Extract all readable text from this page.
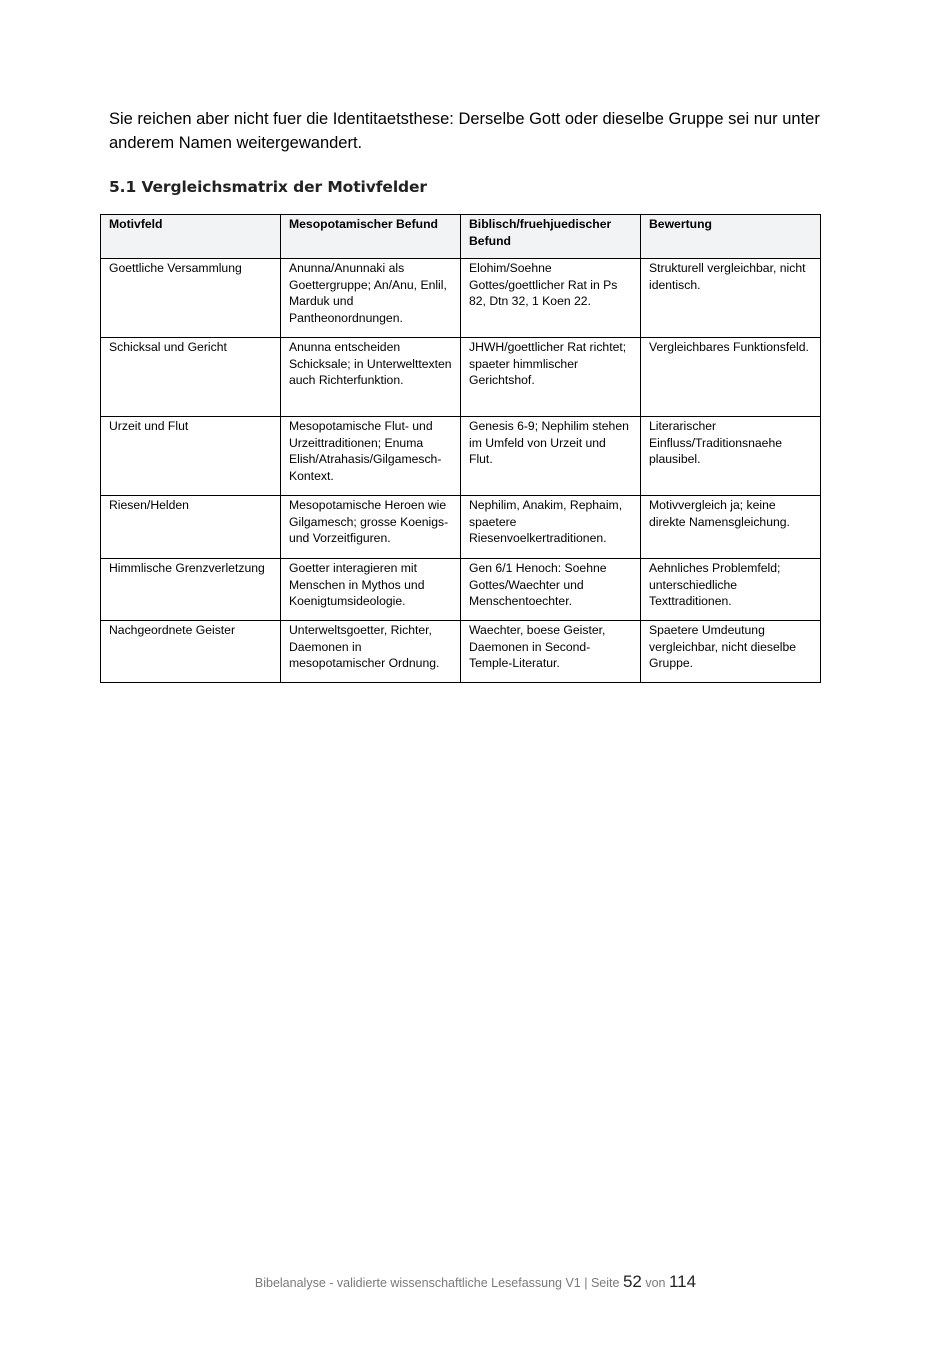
Sie reichen aber nicht fuer die Identitaetsthese: Derselbe Gott oder dieselbe Gruppe sei nur unter anderem Namen weitergewandert.

5.1 Vergleichsmatrix der Motivfelder
Motivfeld	Mesopotamischer Befund	Biblisch/fruehjuedischer Befund	Bewertung
Goettliche Versammlung	Anunna/Anunnaki als Goettergruppe; An/Anu, Enlil, Marduk und Pantheonordnungen.	Elohim/Soehne Gottes/goettlicher Rat in Ps 82, Dtn 32, 1 Koen 22.	Strukturell vergleichbar, nicht identisch.
Schicksal und Gericht	Anunna entscheiden Schicksale; in Unterwelttexten auch Richterfunktion.	JHWH/goettlicher Rat richtet; spaeter himmlischer Gerichtshof.	Vergleichbares Funktionsfeld.
Urzeit und Flut	Mesopotamische Flut- und Urzeittraditionen; Enuma Elish/Atrahasis/Gilgamesch-Kontext.	Genesis 6-9; Nephilim stehen im Umfeld von Urzeit und Flut.	Literarischer Einfluss/Traditionsnaehe plausibel.
Riesen/Helden	Mesopotamische Heroen wie Gilgamesch; grosse Koenigs- und Vorzeitfiguren.	Nephilim, Anakim, Rephaim, spaetere Riesenvoelkertraditionen.	Motivvergleich ja; keine direkte Namensgleichung.
Himmlische Grenzverletzung	Goetter interagieren mit Menschen in Mythos und Koenigtumsideologie.	Gen 6/1 Henoch: Soehne Gottes/Waechter und Menschentoechter.	Aehnliches Problemfeld; unterschiedliche Texttraditionen.
Nachgeordnete Geister	Unterweltsgoetter, Richter, Daemonen in mesopotamischer Ordnung.	Waechter, boese Geister, Daemonen in Second-Temple-Literatur.	Spaetere Umdeutung vergleichbar, nicht dieselbe Gruppe.
Bibelanalyse - validierte wissenschaftliche Lesefassung V1 | Seite 52 von 114
